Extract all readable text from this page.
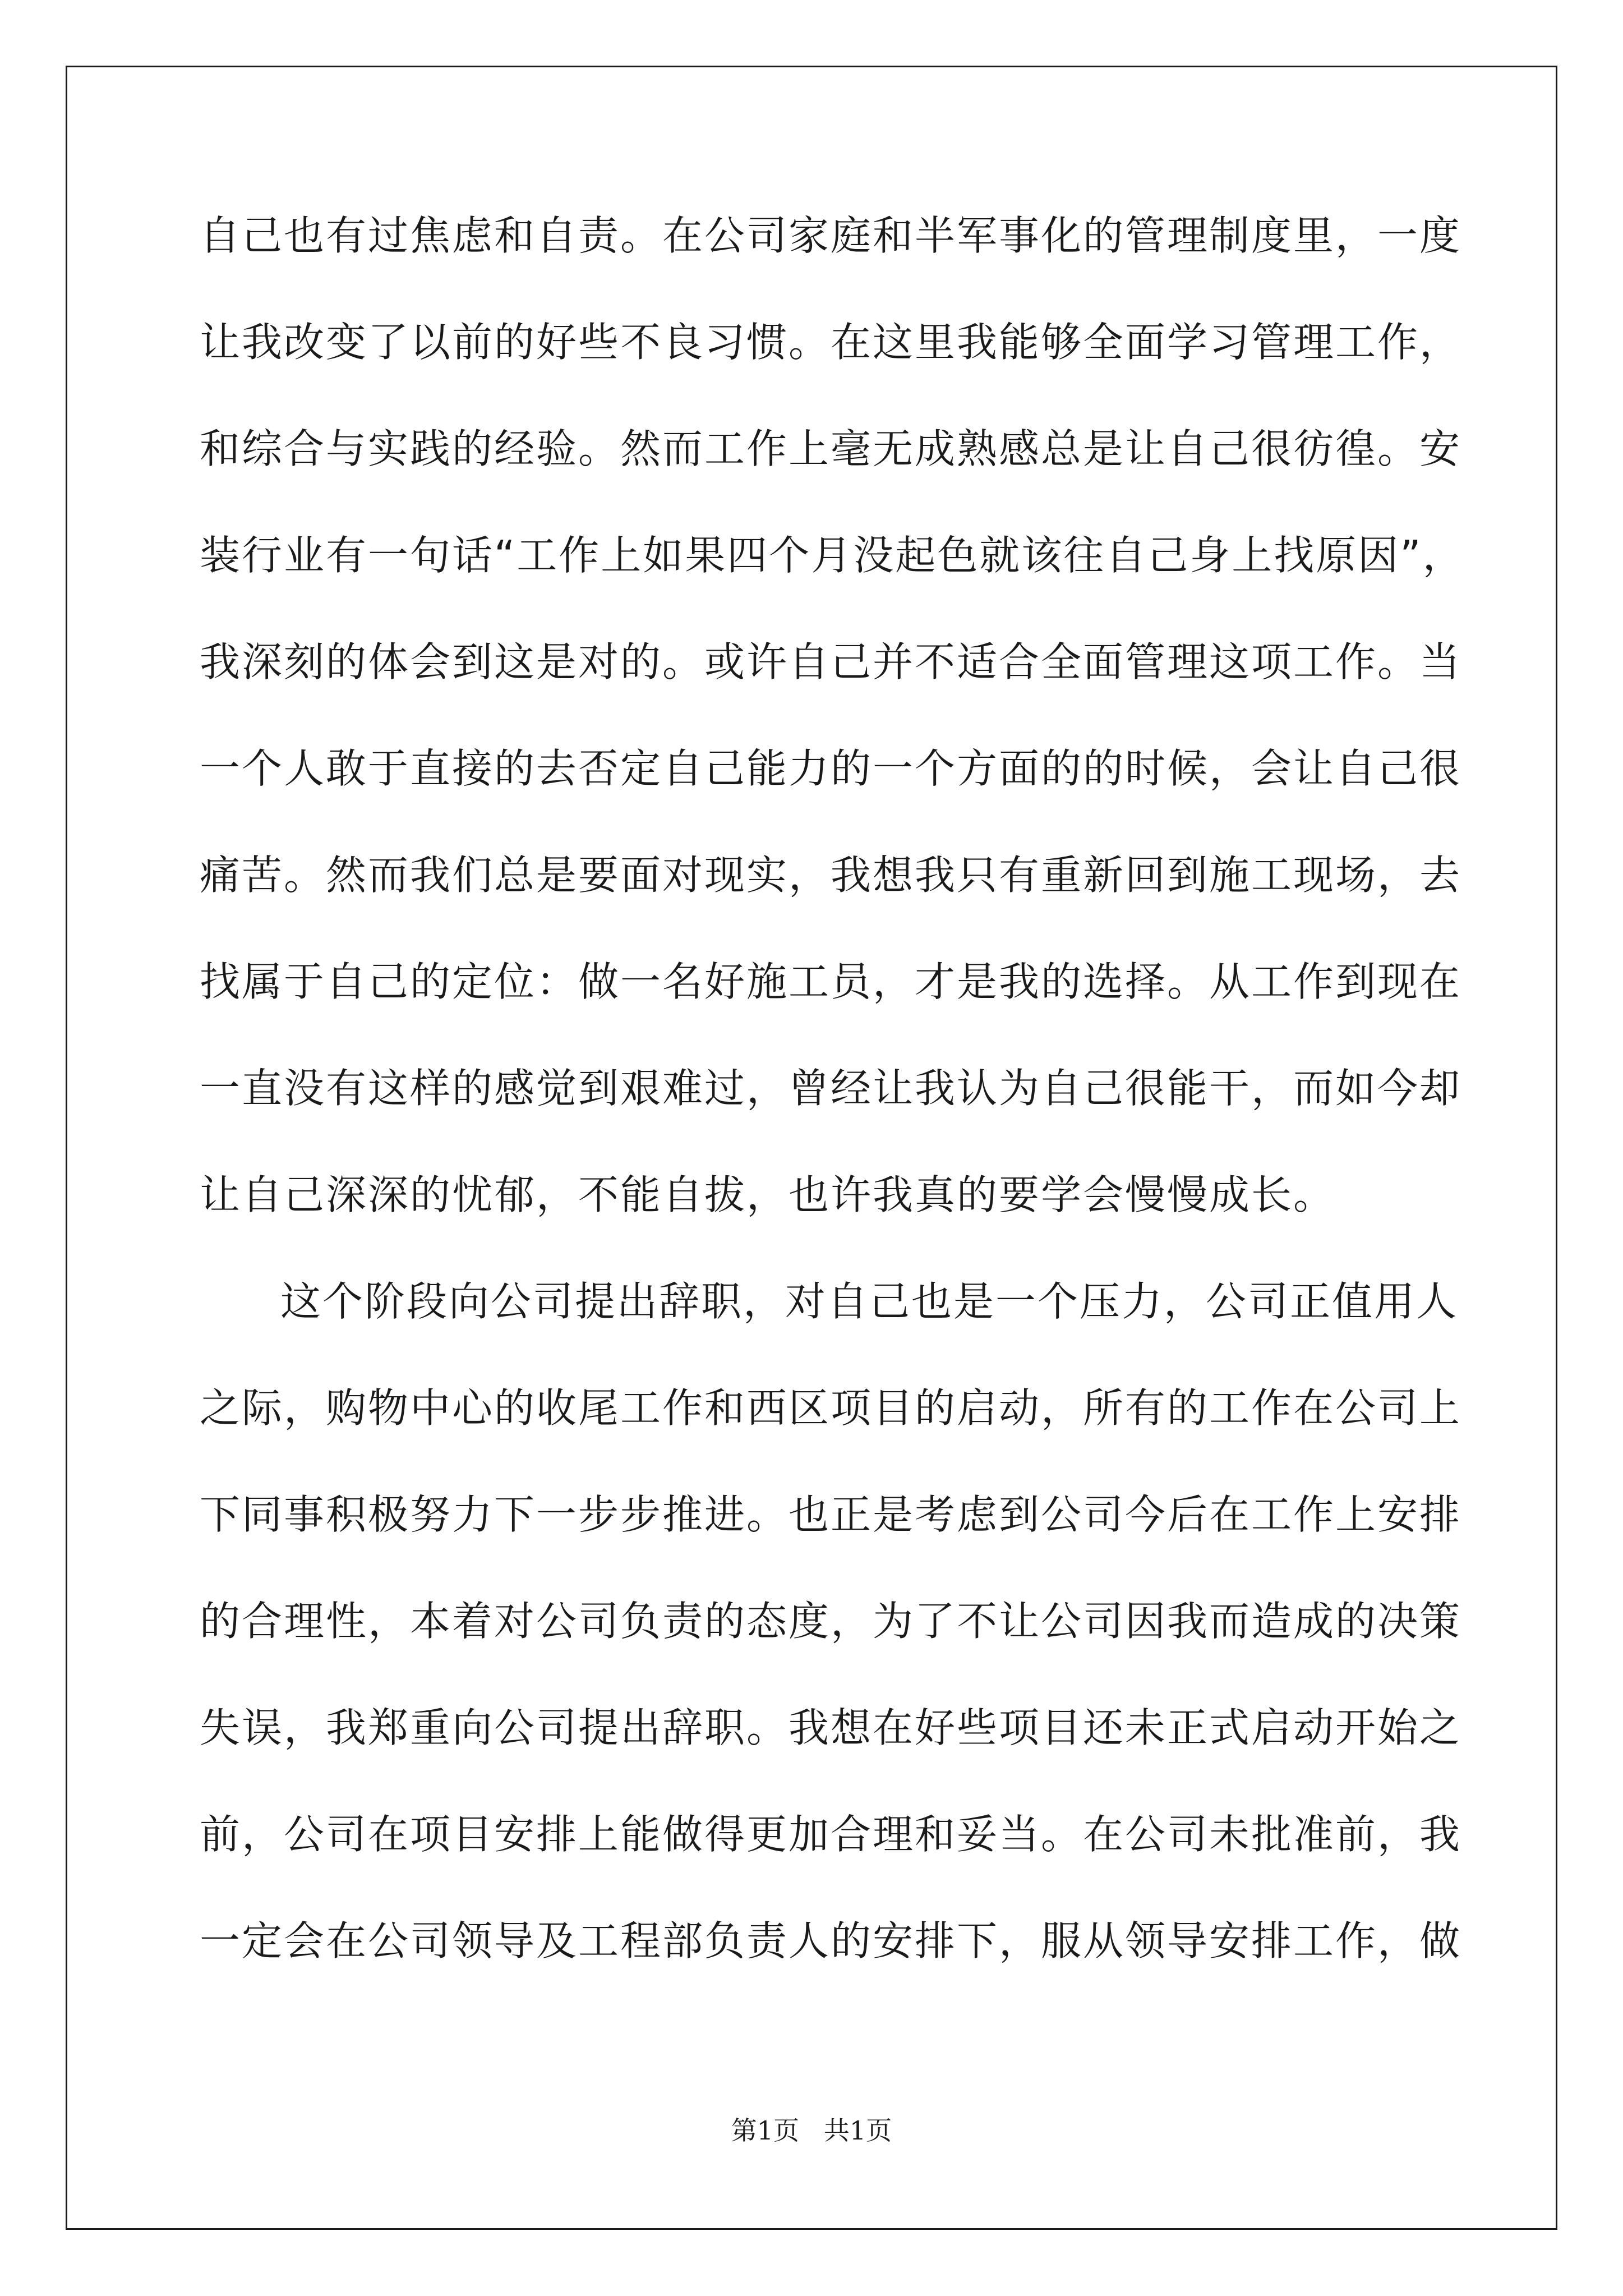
自己也有过焦虑和自责。在公司家庭和半军事化的管理制度里，一度

让我改变了以前的好些不良习惯。在这里我能够全面学习管理工作，

和综合与实践的经验。然而工作上毫无成熟感总是让自己很彷徨。安

装行业有一句话“工作上如果四个月没起色就该往自己身上找原因”，

我深刻的体会到这是对的。或许自己并不适合全面管理这项工作。当

一个人敢于直接的去否定自己能力的一个方面的的时候，会让自己很

痛苦。然而我们总是要面对现实，我想我只有重新回到施工现场，去

找属于自己的定位：做一名好施工员，才是我的选择。从工作到现在

一直没有这样的感觉到艰难过，曾经让我认为自己很能干，而如今却

让自己深深的忧郁，不能自拔，也许我真的要学会慢慢成长。

这个阶段向公司提出辞职，对自己也是一个压力，公司正值用人

之际，购物中心的收尾工作和西区项目的启动，所有的工作在公司上

下同事积极努力下一步步推进。也正是考虑到公司今后在工作上安排

的合理性，本着对公司负责的态度，为了不让公司因我而造成的决策

失误，我郑重向公司提出辞职。我想在好些项目还未正式启动开始之

前，公司在项目安排上能做得更加合理和妥当。在公司未批准前，我

一定会在公司领导及工程部负责人的安排下，服从领导安排工作，做

第1页   共1页
